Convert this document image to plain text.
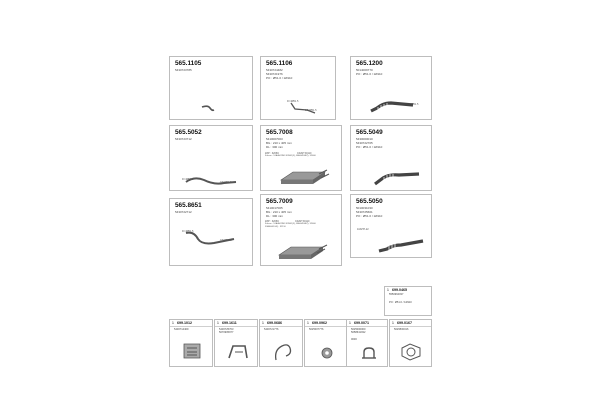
565.1105
5430723785
565.1106
5430724482
5430721976
PO : Ø51.0 / 1Ø110
DI 4Ø51.5
1Ø4Ø51.5
565.1200
5014009770
PO : Ø51.0 / 1Ø110
DI 4Ø51.5
565.5052
5430723712
DI 4Ø51.5
1Ø4Ø51.5
565.7008
5410007003
BG : 210 x 405 mm
DL : 300 mm
ZZP : 32066	CDAP 50110
Fulcon : 51A4H23N3 52B41(3), 86H4ØGRZ), 32066
565.5049
5430000010
5430722705
PO : Ø51.0 / 1Ø110
565.8651
5430722712
DI 4Ø51.5
1Ø4Ø51.5
565.7009
5410017005
BG : 210 x 405 mm
DL : 300 mm
ZZP : 32066	CDAP 50110
Fulcon : 51A4H23N3 52B41(3), 86H4ØGRZ), 32066
32A4H41GX) : 32110
565.5050
5010031030
5430725601
PO : Ø51.0 / 1Ø110
10AHH-22
1 699.0465
5550964037
PO : Ø51.0 / 1Ø110
1 699.1012
5430714409
1 699.1611
5430725703
5070905977
1 699.0686
5430721776
1 699.0962
5025007776
1 699.0071
5025000000
5058641932
0030
1 699.0167
5029500016
